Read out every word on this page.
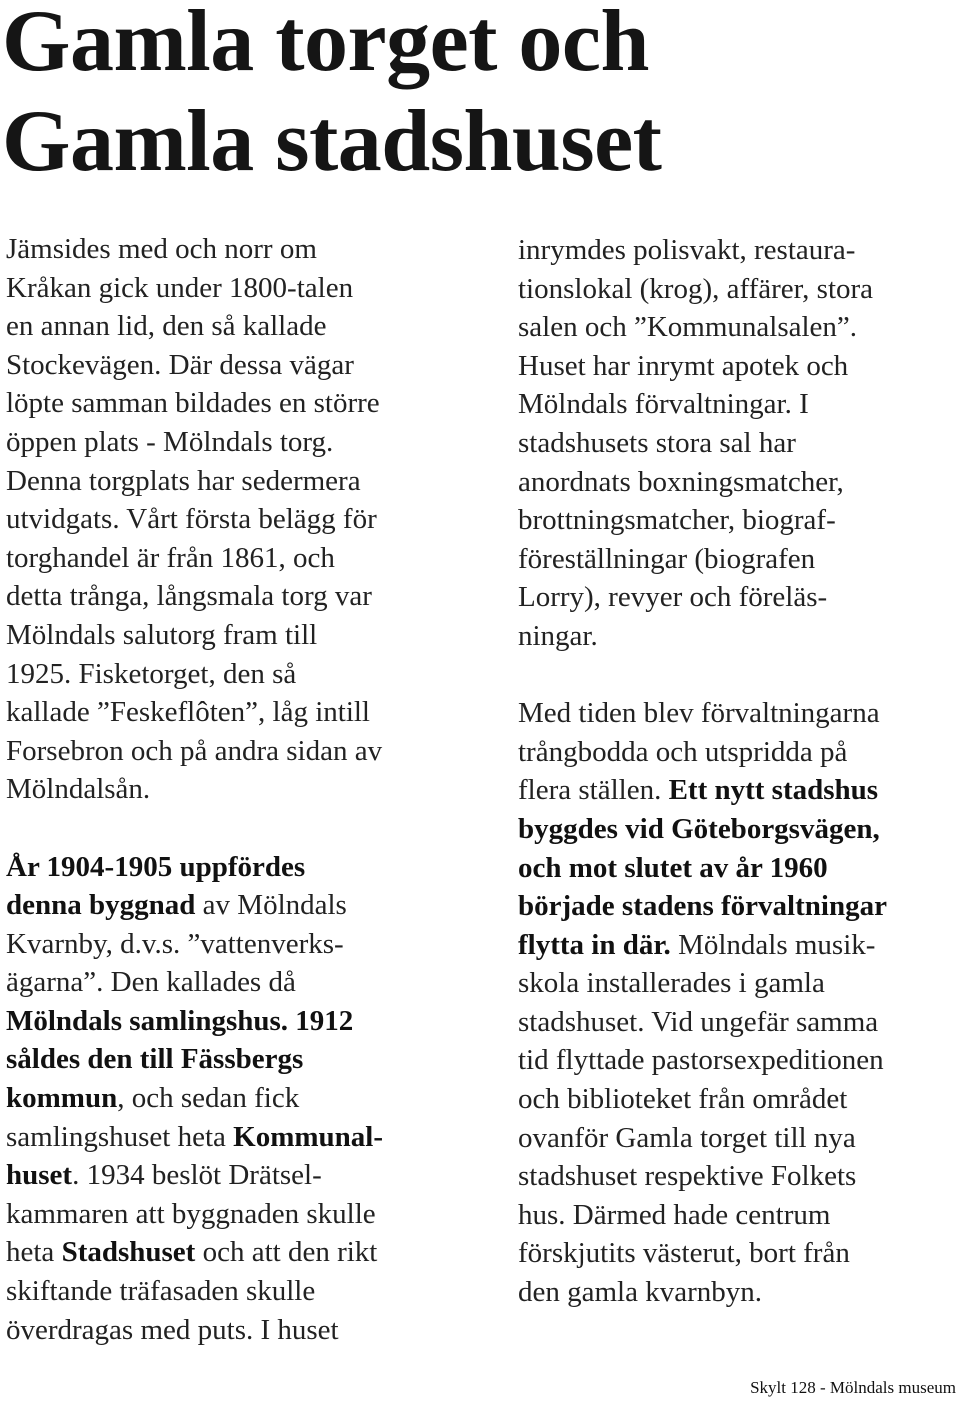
Gamla torget och
Gamla stadshuset
Jämsides med och norr om
Kråkan gick under 1800-talen
en annan lid, den så kallade
Stockevägen. Där dessa vägar
löpte samman bildades en större
öppen plats - Mölndals torg.
Denna torgplats har sedermera
utvidgats. Vårt första belägg för
torghandel är från 1861, och
detta trånga, långsmala torg var
Mölndals salutorg fram till
1925. Fisketorget, den så
kallade ”Feskeflôten”, låg intill
Forsebron och på andra sidan av
Mölndalsån.
År 1904-1905 uppfördes
denna byggnad av Mölndals
Kvarnby, d.v.s. ”vattenverks-
ägarna”. Den kallades då
Mölndals samlingshus. 1912
såldes den till Fässbergs
kommun, och sedan fick
samlingshuset heta Kommunal-
huset. 1934 beslöt Drätsel-
kammaren att byggnaden skulle
heta Stadshuset och att den rikt
skiftande träfasaden skulle
överdragas med puts. I huset
inrymdes polisvakt, restaura-
tionslokal (krog), affärer, stora
salen och ”Kommunalsalen”.
Huset har inrymt apotek och
Mölndals förvaltningar. I
stadshusets stora sal har
anordnats boxningsmatcher,
brottningsmatcher, biograf-
föreställningar (biografen
Lorry), revyer och föreläs-
ningar.
Med tiden blev förvaltningarna
trångbodda och utspridda på
flera ställen. Ett nytt stadshus
byggdes vid Göteborgsvägen,
och mot slutet av år 1960
började stadens förvaltningar
flytta in där. Mölndals musik-
skola installerades i gamla
stadshuset. Vid ungefär samma
tid flyttade pastorsexpeditionen
och biblioteket från området
ovanför Gamla torget till nya
stadshuset respektive Folkets
hus. Därmed hade centrum
förskjutits västerut, bort från
den gamla kvarnbyn.
Skylt 128 - Mölndals museum
